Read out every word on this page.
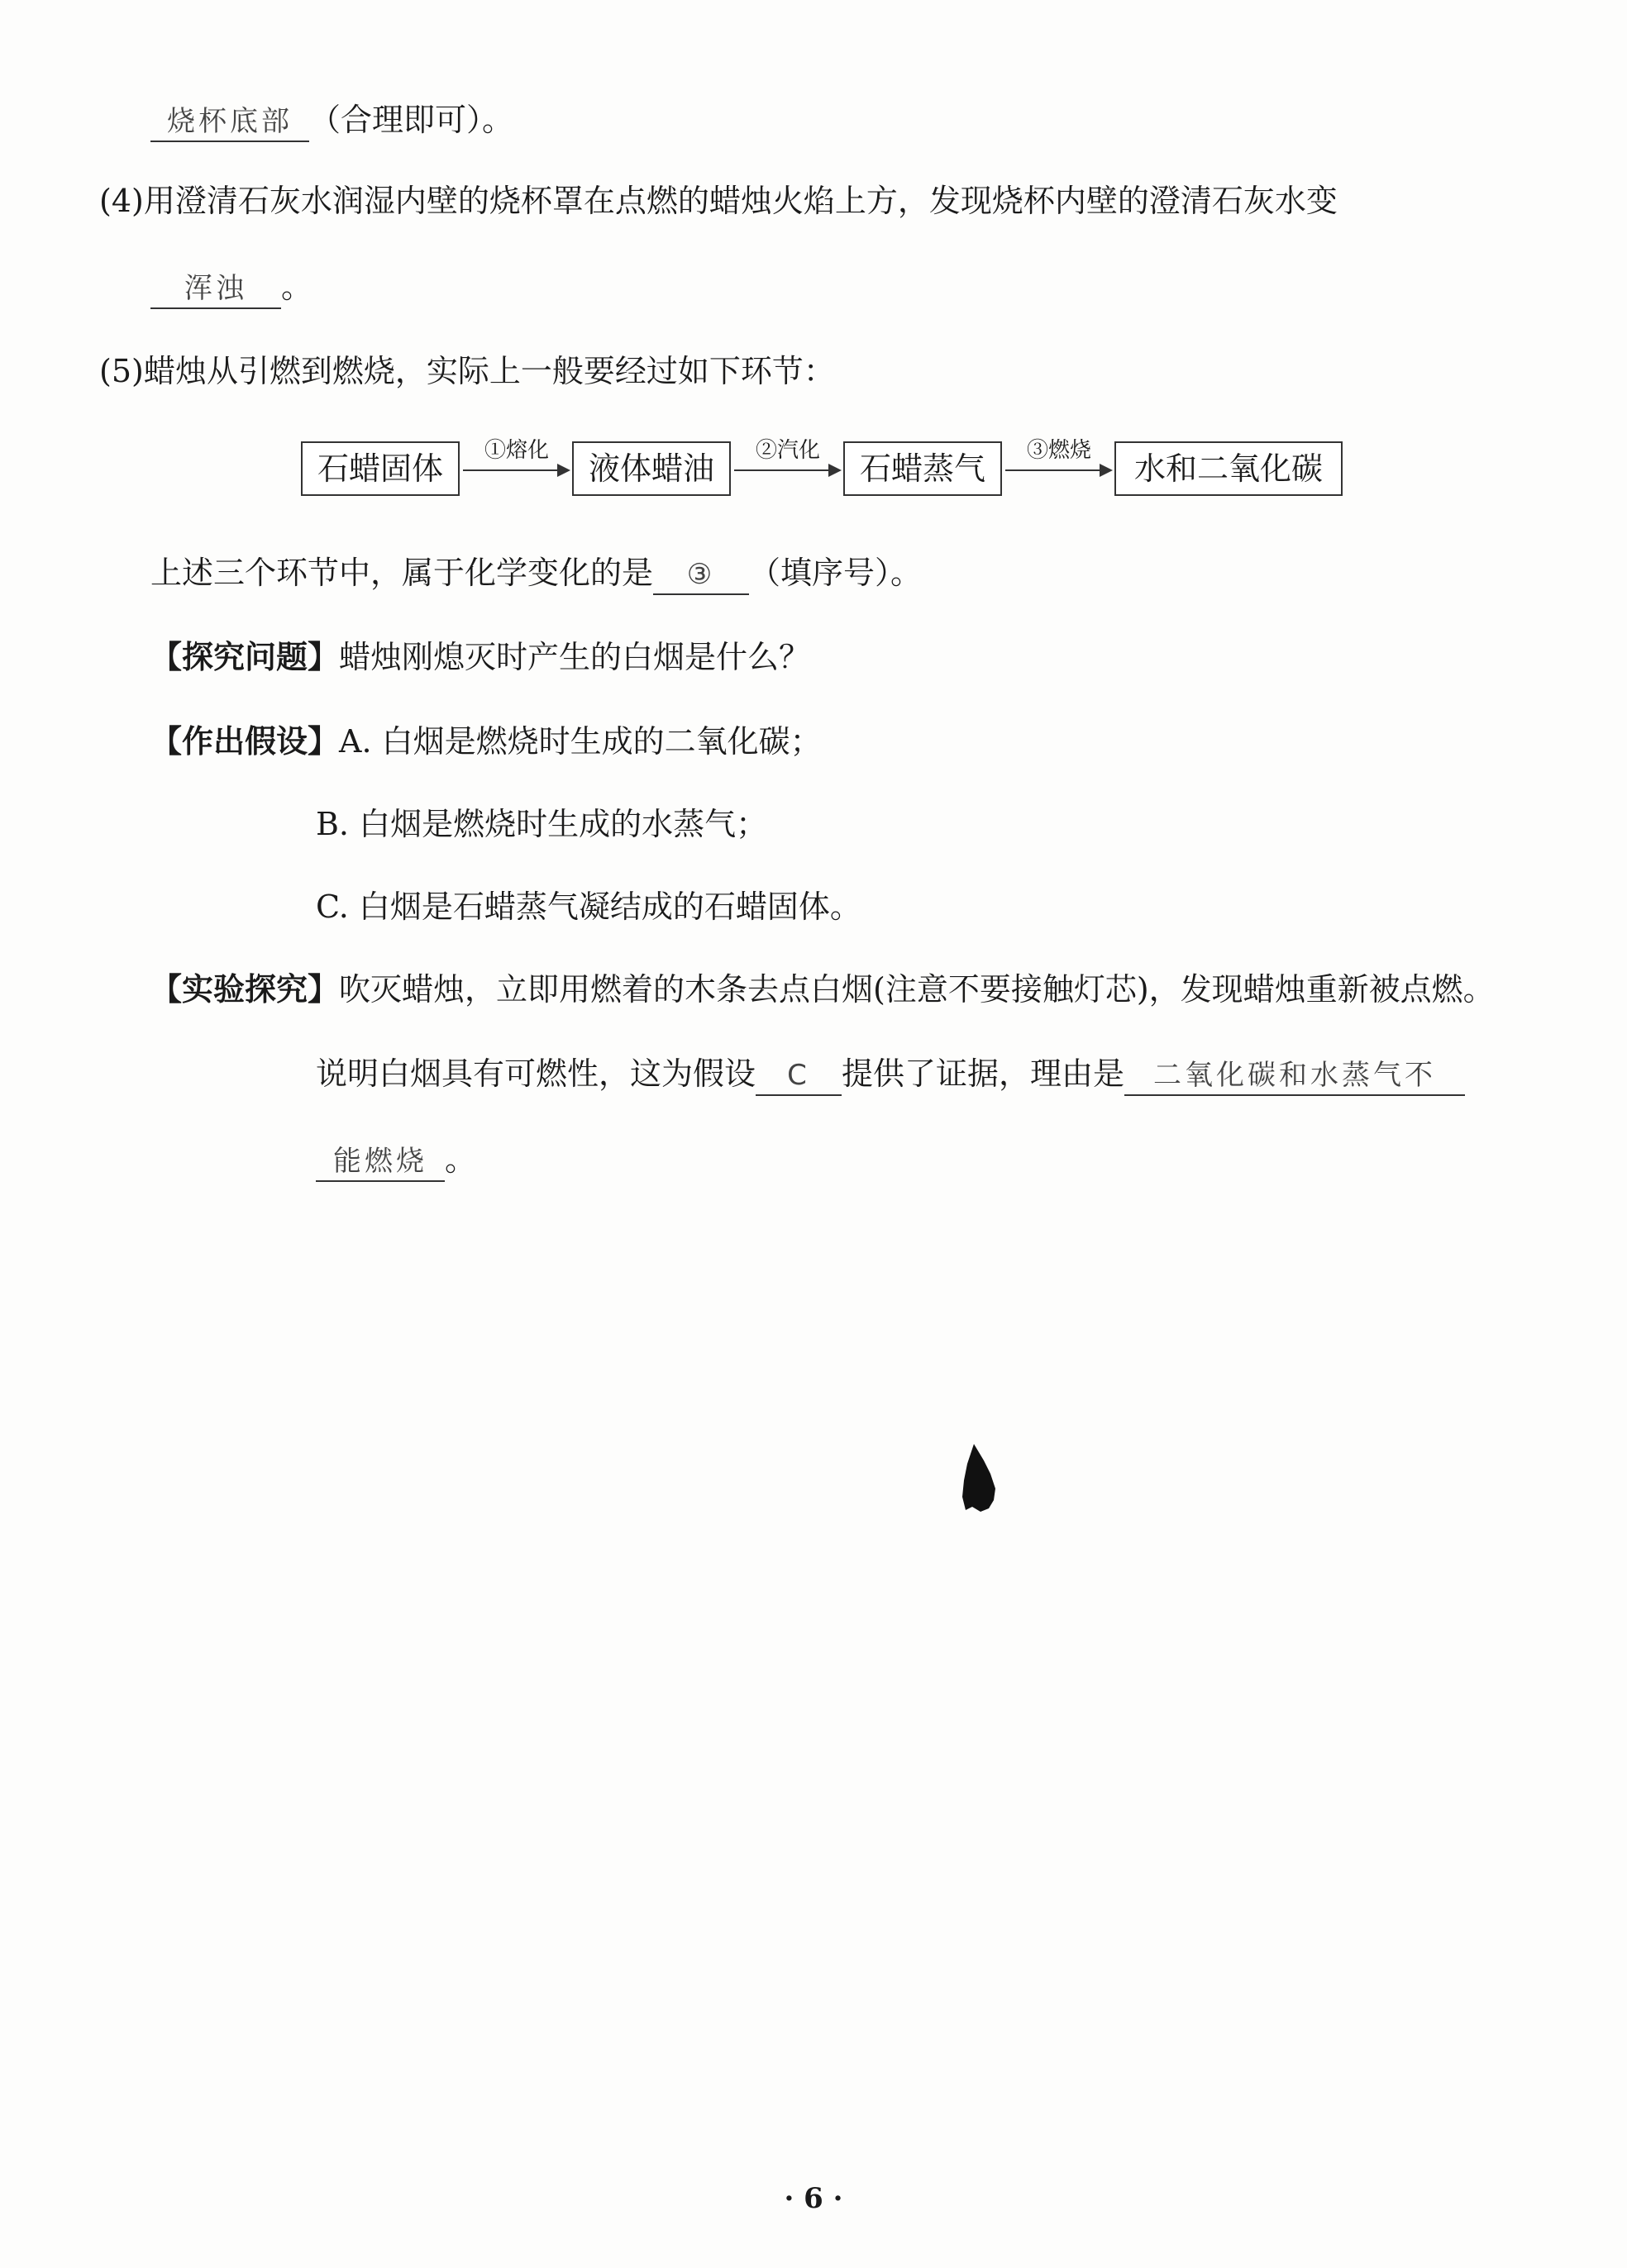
烧杯底部 （合理即可）。
(4)用澄清石灰水润湿内壁的烧杯罩在点燃的蜡烛火焰上方，发现烧杯内壁的澄清石灰水变
浑浊 。
(5)蜡烛从引燃到燃烧，实际上一般要经过如下环节：
石蜡固体	①熔化	液体蜡油	②汽化	石蜡蒸气	③燃烧	水和二氧化碳
上述三个环节中，属于化学变化的是 ③ （填序号）。
【探究问题】蜡烛刚熄灭时产生的白烟是什么？
【作出假设】A. 白烟是燃烧时生成的二氧化碳；
B. 白烟是燃烧时生成的水蒸气；
C. 白烟是石蜡蒸气凝结成的石蜡固体。
【实验探究】吹灭蜡烛，立即用燃着的木条去点白烟(注意不要接触灯芯)，发现蜡烛重新被点燃。
说明白烟具有可燃性，这为假设 C 提供了证据，理由是 二氧化碳和水蒸气不
能燃烧 。
· 6 ·
